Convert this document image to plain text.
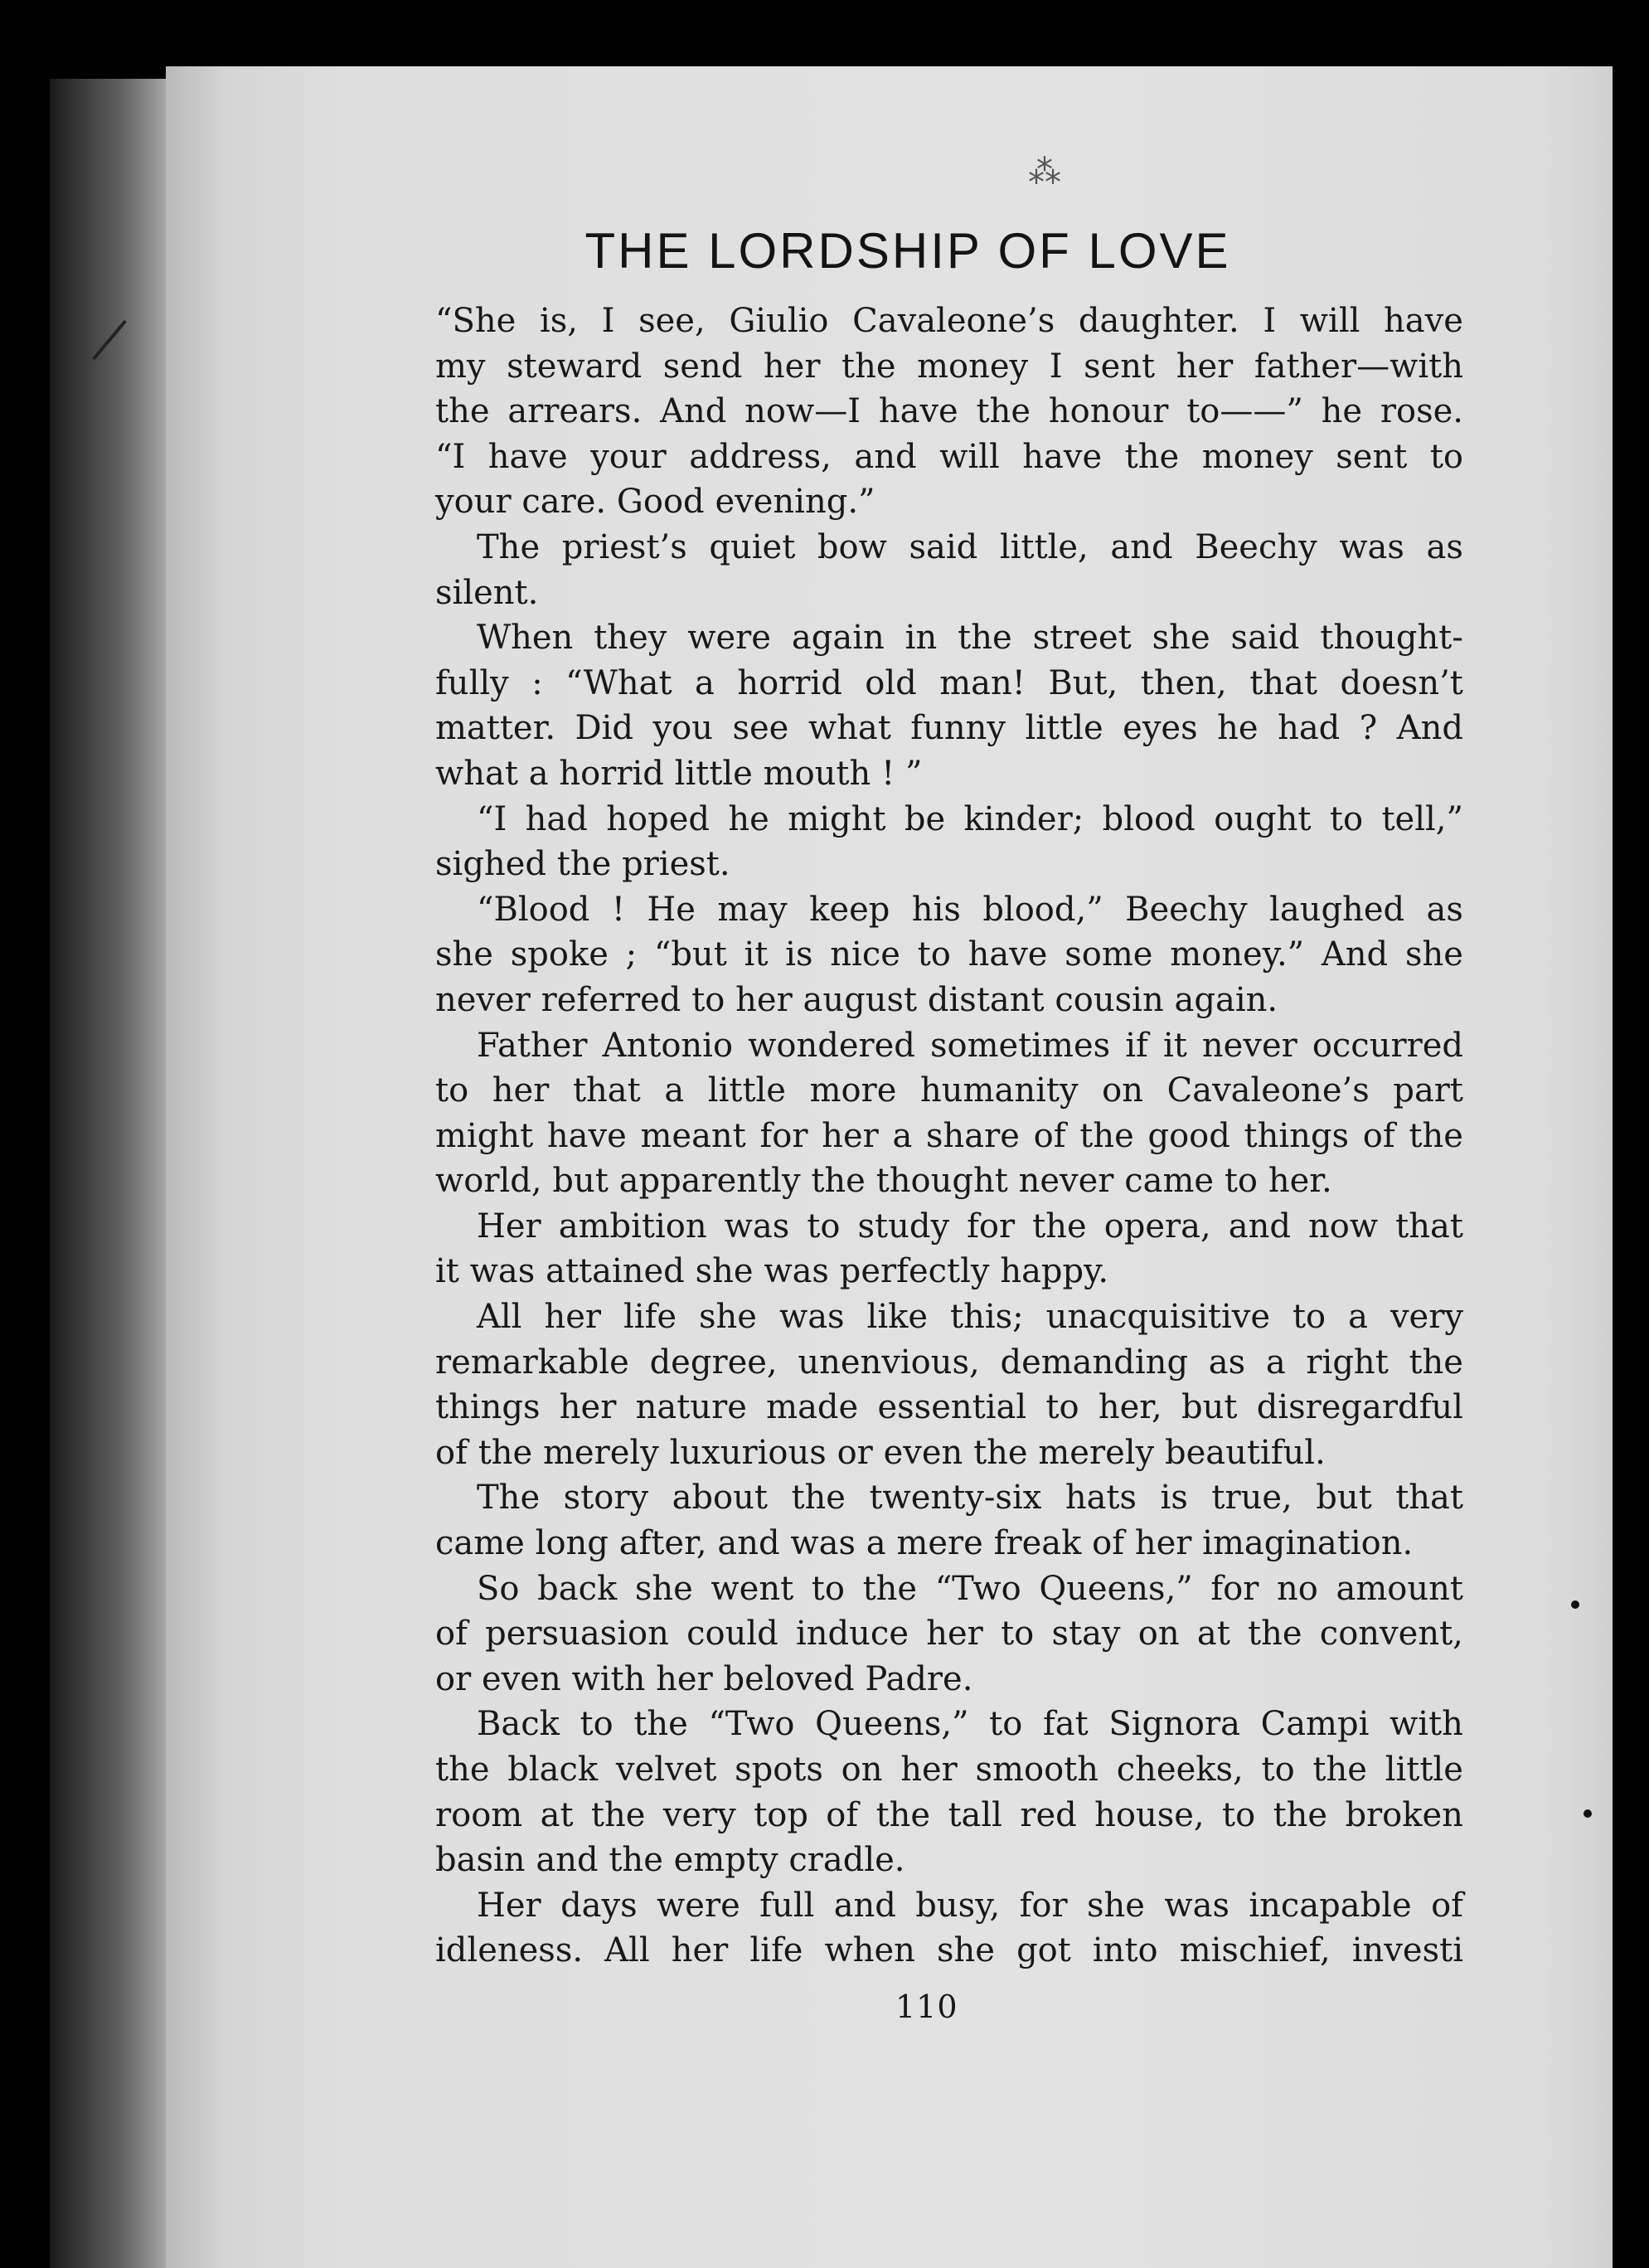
⁂
THE LORDSHIP OF LOVE
“She is, I see, Giulio Cavaleone’s daughter. I will have
my steward send her the money I sent her father—with
the arrears. And now—I have the honour to——” he rose.
“I have your address, and will have the money sent to
your care. Good evening.”
The priest’s quiet bow said little, and Beechy was as
silent.
When they were again in the street she said thought-
fully : “What a horrid old man! But, then, that doesn’t
matter. Did you see what funny little eyes he had ? And
what a horrid little mouth ! ”
“I had hoped he might be kinder; blood ought to tell,”
sighed the priest.
“Blood ! He may keep his blood,” Beechy laughed as
she spoke ; “but it is nice to have some money.” And she
never referred to her august distant cousin again.
Father Antonio wondered sometimes if it never occurred
to her that a little more humanity on Cavaleone’s part
might have meant for her a share of the good things of the
world, but apparently the thought never came to her.
Her ambition was to study for the opera, and now that
it was attained she was perfectly happy.
All her life she was like this; unacquisitive to a very
remarkable degree, unenvious, demanding as a right the
things her nature made essential to her, but disregardful
of the merely luxurious or even the merely beautiful.
The story about the twenty-six hats is true, but that
came long after, and was a mere freak of her imagination.
So back she went to the “Two Queens,” for no amount
of persuasion could induce her to stay on at the convent,
or even with her beloved Padre.
Back to the “Two Queens,” to fat Signora Campi with
the black velvet spots on her smooth cheeks, to the little
room at the very top of the tall red house, to the broken
basin and the empty cradle.
Her days were full and busy, for she was incapable of
idleness. All her life when she got into mischief, investi
110
